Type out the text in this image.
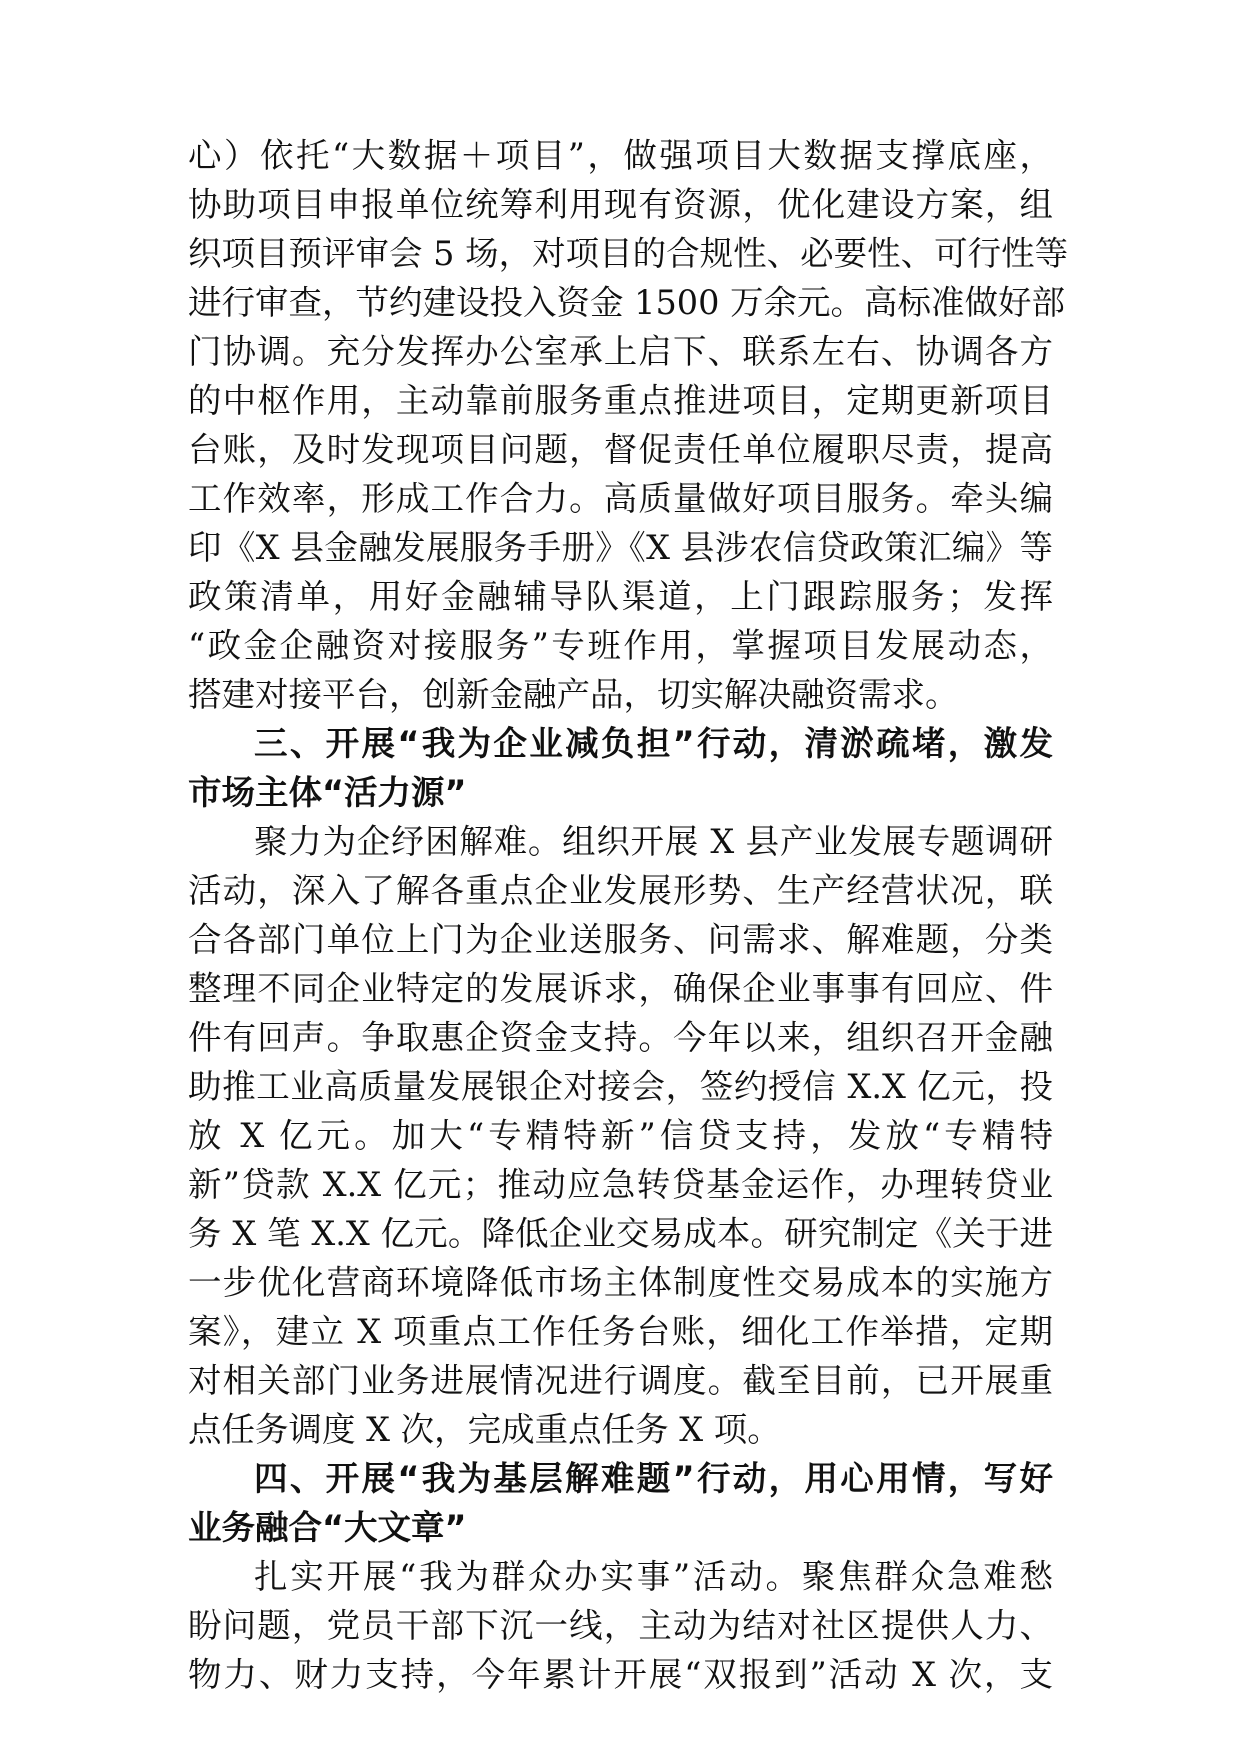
心）依托“大数据＋项目”，做强项目大数据支撑底座，
协助项目申报单位统筹利用现有资源，优化建设方案，组
织项目预评审会 5 场，对项目的合规性、必要性、可行性等
进行审查，节约建设投入资金 1500 万余元。高标准做好部
门协调。充分发挥办公室承上启下、联系左右、协调各方
的中枢作用，主动靠前服务重点推进项目，定期更新项目
台账，及时发现项目问题，督促责任单位履职尽责，提高
工作效率，形成工作合力。高质量做好项目服务。牵头编
印《X 县金融发展服务手册》《X 县涉农信贷政策汇编》等
政策清单，用好金融辅导队渠道，上门跟踪服务；发挥
“政金企融资对接服务”专班作用，掌握项目发展动态，
搭建对接平台，创新金融产品，切实解决融资需求。
三、开展“我为企业减负担”行动，清淤疏堵，激发
市场主体“活力源”
聚力为企纾困解难。组织开展 X 县产业发展专题调研
活动，深入了解各重点企业发展形势、生产经营状况，联
合各部门单位上门为企业送服务、问需求、解难题，分类
整理不同企业特定的发展诉求，确保企业事事有回应、件
件有回声。争取惠企资金支持。今年以来，组织召开金融
助推工业高质量发展银企对接会，签约授信 X.X 亿元，投
放 X 亿元。加大“专精特新”信贷支持，发放“专精特
新”贷款 X.X 亿元；推动应急转贷基金运作，办理转贷业
务 X 笔 X.X 亿元。降低企业交易成本。研究制定《关于进
一步优化营商环境降低市场主体制度性交易成本的实施方
案》，建立 X 项重点工作任务台账，细化工作举措，定期
对相关部门业务进展情况进行调度。截至目前，已开展重
点任务调度 X 次，完成重点任务 X 项。
四、开展“我为基层解难题”行动，用心用情，写好
业务融合“大文章”
扎实开展“我为群众办实事”活动。聚焦群众急难愁
盼问题，党员干部下沉一线，主动为结对社区提供人力、
物力、财力支持，今年累计开展“双报到”活动 X 次，支
